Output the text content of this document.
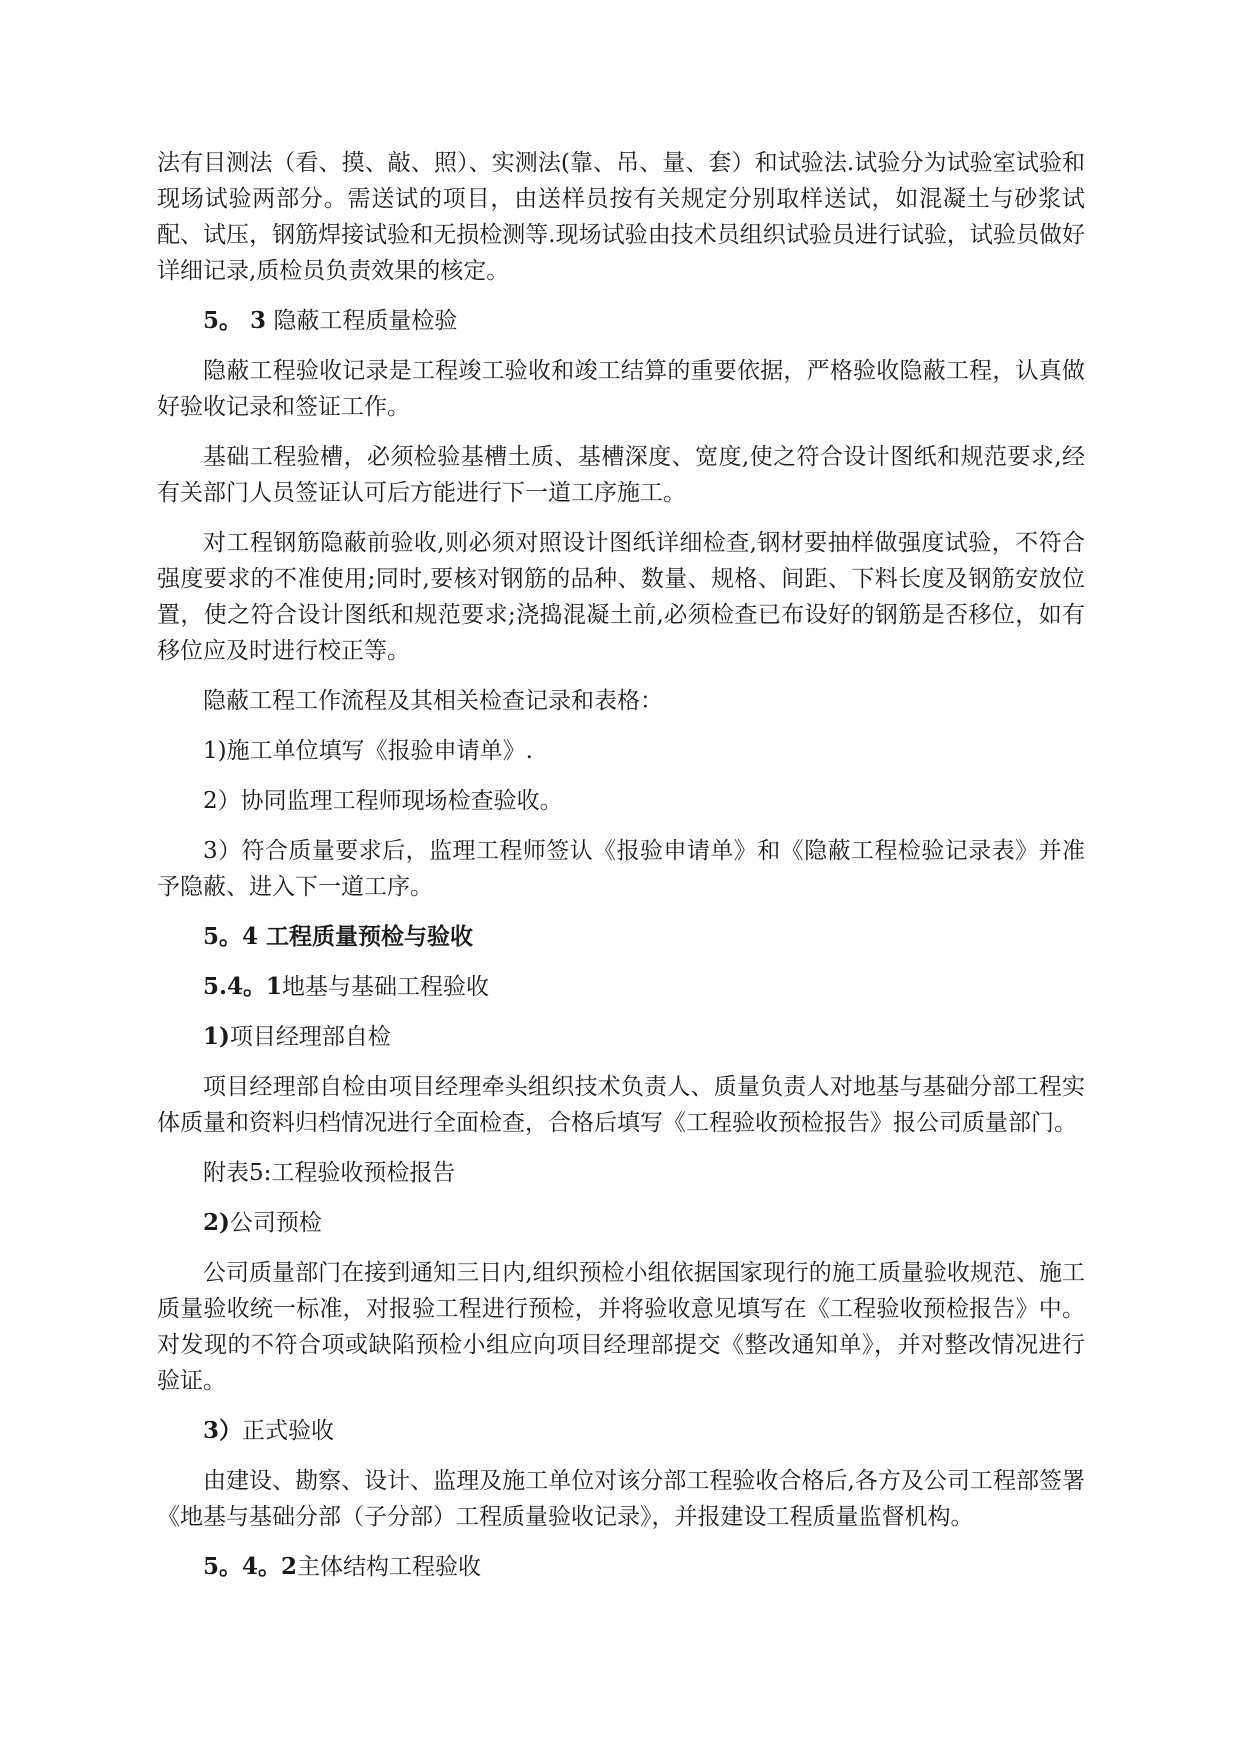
法有目测法（看、摸、敲、照）、实测法(靠、吊、量、套）和试验法.试验分为试验室试验和现场试验两部分。需送试的项目，由送样员按有关规定分别取样送试，如混凝土与砂浆试配、试压，钢筋焊接试验和无损检测等.现场试验由技术员组织试验员进行试验，试验员做好详细记录,质检员负责效果的核定。

5。 3 隐蔽工程质量检验

隐蔽工程验收记录是工程竣工验收和竣工结算的重要依据，严格验收隐蔽工程，认真做好验收记录和签证工作。

基础工程验槽，必须检验基槽土质、基槽深度、宽度,使之符合设计图纸和规范要求,经有关部门人员签证认可后方能进行下一道工序施工。

对工程钢筋隐蔽前验收,则必须对照设计图纸详细检查,钢材要抽样做强度试验，不符合强度要求的不准使用;同时,要核对钢筋的品种、数量、规格、间距、下料长度及钢筋安放位置，使之符合设计图纸和规范要求;浇捣混凝土前,必须检查已布设好的钢筋是否移位，如有移位应及时进行校正等。

隐蔽工程工作流程及其相关检查记录和表格：

1)施工单位填写《报验申请单》.

2）协同监理工程师现场检查验收。

3）符合质量要求后，监理工程师签认《报验申请单》和《隐蔽工程检验记录表》并准予隐蔽、进入下一道工序。

5。4 工程质量预检与验收
5.4。1地基与基础工程验收
1)项目经理部自检

项目经理部自检由项目经理牵头组织技术负责人、质量负责人对地基与基础分部工程实体质量和资料归档情况进行全面检查，合格后填写《工程验收预检报告》报公司质量部门。

附表5:工程验收预检报告

2)公司预检

公司质量部门在接到通知三日内,组织预检小组依据国家现行的施工质量验收规范、施工质量验收统一标准，对报验工程进行预检，并将验收意见填写在《工程验收预检报告》中。对发现的不符合项或缺陷预检小组应向项目经理部提交《整改通知单》，并对整改情况进行验证。

3）正式验收

由建设、勘察、设计、监理及施工单位对该分部工程验收合格后,各方及公司工程部签署《地基与基础分部（子分部）工程质量验收记录》，并报建设工程质量监督机构。

5。4。2主体结构工程验收
